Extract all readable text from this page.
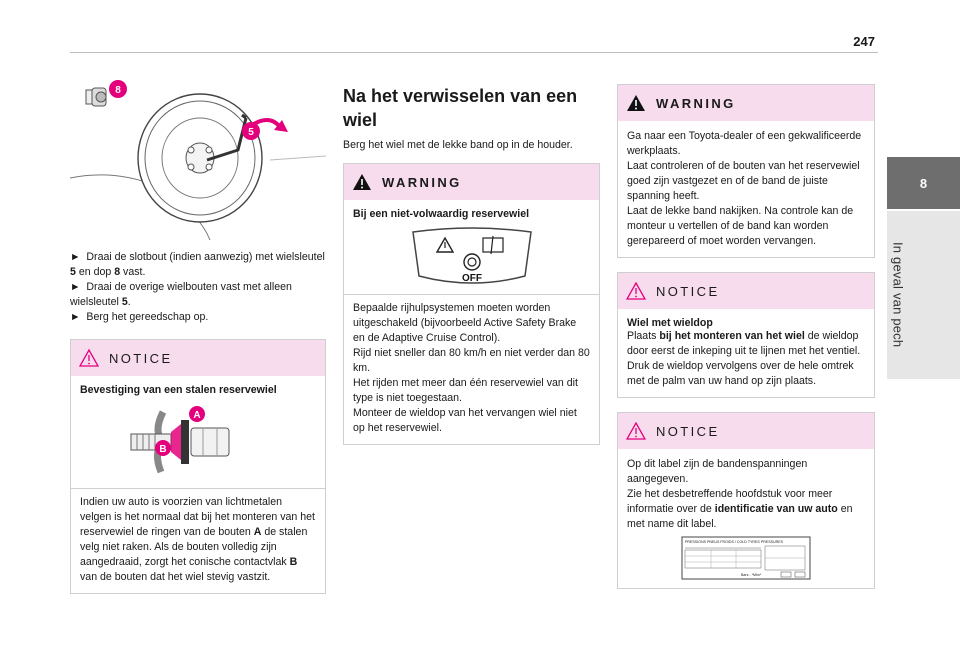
247
8
In geval van pech
8
5
► Draai de slotbout (indien aanwezig) met wielsleutel 5 en dop 8 vast.
► Draai de overige wielbouten vast met alleen wielsleutel 5.
► Berg het gereedschap op.
NOTICE
Bevestiging van een stalen reservewiel
A
B
Indien uw auto is voorzien van lichtmetalen velgen is het normaal dat bij het monteren van het reservewiel de ringen van de bouten A de stalen velg niet raken. Als de bouten volledig zijn aangedraaid, zorgt het conische contactvlak B van de bouten dat het wiel stevig vastzit.
Na het verwisselen van een wiel
Berg het wiel met de lekke band op in de houder.
WARNING
Bij een niet-volwaardig reservewiel
OFF
Bepaalde rijhulpsystemen moeten worden uitgeschakeld (bijvoorbeeld Active Safety Brake en de Adaptive Cruise Control).
Rijd niet sneller dan 80 km/h en niet verder dan 80 km.
Het rijden met meer dan één reservewiel van dit type is niet toegestaan.
Monteer de wieldop van het vervangen wiel niet op het reservewiel.
WARNING
Ga naar een Toyota-dealer of een gekwalificeerde werkplaats.
Laat controleren of de bouten van het reservewiel goed zijn vastgezet en of de band de juiste spanning heeft.
Laat de lekke band nakijken. Na controle kan de monteur u vertellen of de band kan worden gerepareerd of moet worden vervangen.
NOTICE
Wiel met wieldop
Plaats bij het monteren van het wiel de wieldop door eerst de inkeping uit te lijnen met het ventiel. Druk de wieldop vervolgens over de hele omtrek met de palm van uw hand op zijn plaats.
NOTICE
Op dit label zijn de bandenspanningen aangegeven.
Zie het desbetreffende hoofdstuk voor meer informatie over de identificatie van uw auto en met name dit label.
PRESSIONS PNEUS FROIDS / COLD TYRES PRESSURES
Bars - *Mhn*
